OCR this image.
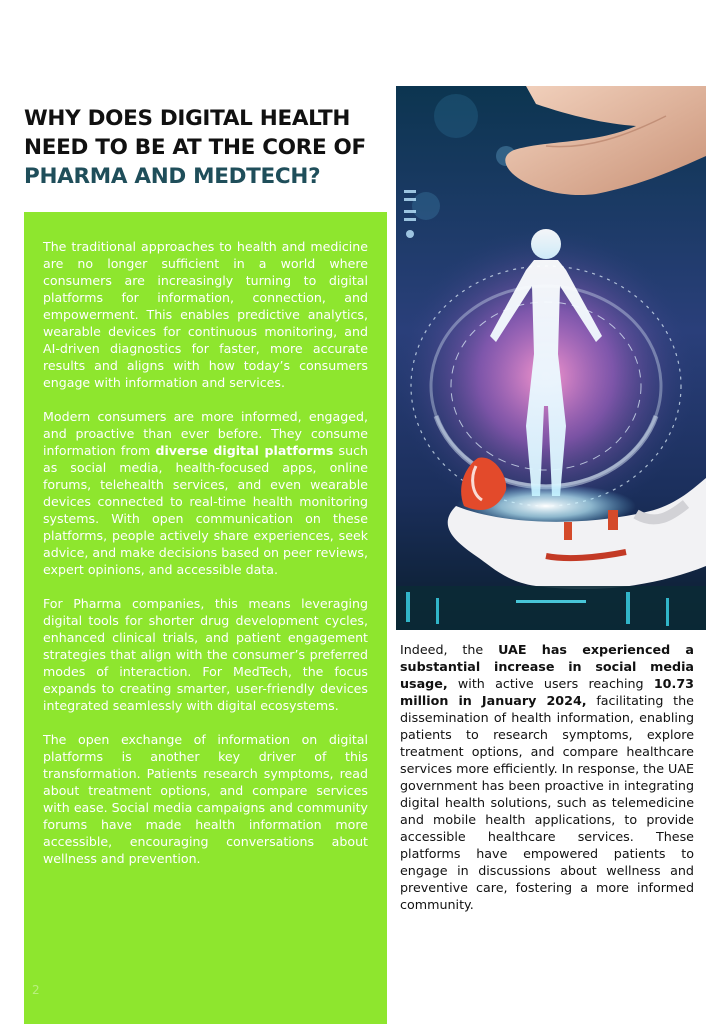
WHY DOES DIGITAL HEALTH
NEED TO BE AT THE CORE OF
PHARMA AND MEDTECH?

The traditional approaches to health and medicine are no longer sufficient in a world where consumers are increasingly turning to digital platforms for information, connection, and empowerment. This enables predictive analytics, wearable devices for continuous monitoring, and AI-driven diagnostics for faster, more accurate results and aligns with how today’s consumers engage with information and services.

Modern consumers are more informed, engaged, and proactive than ever before. They consume information from diverse digital platforms such as social media, health-focused apps, online forums, telehealth services, and even wearable devices connected to real-time health monitoring systems. With open communication on these platforms, people actively share experiences, seek advice, and make decisions based on peer reviews, expert opinions, and accessible data.

For Pharma companies, this means leveraging digital tools for shorter drug development cycles, enhanced clinical trials, and patient engagement strategies that align with the consumer’s preferred modes of interaction. For MedTech, the focus expands to creating smarter, user-friendly devices integrated seamlessly with digital ecosystems.

The open exchange of information on digital platforms is another key driver of this transformation. Patients research symptoms, read about treatment options, and compare services with ease. Social media campaigns and community forums have made health information more accessible, encouraging conversations about wellness and prevention.

2

Indeed, the UAE has experienced a substantial increase in social media usage, with active users reaching 10.73 million in January 2024, facilitating the dissemination of health information, enabling patients to research symptoms, explore treatment options, and compare healthcare services more efficiently. In response, the UAE government has been proactive in integrating digital health solutions, such as telemedicine and mobile health applications, to provide accessible healthcare services. These platforms have empowered patients to engage in discussions about wellness and preventive care, fostering a more informed community.
